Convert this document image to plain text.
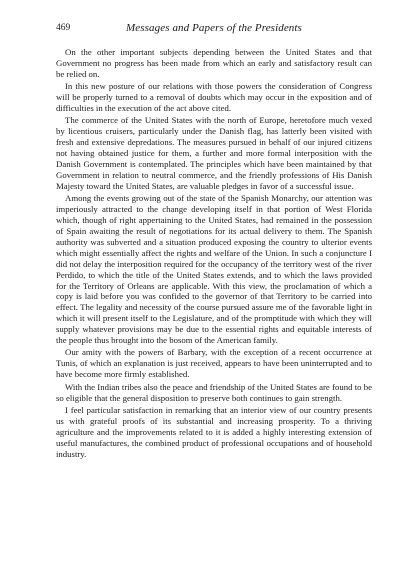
469	Messages and Papers of the Presidents

On the other important subjects depending between the United States and that Government no progress has been made from which an early and satisfactory result can be relied on.

In this new posture of our relations with those powers the consideration of Congress will be properly turned to a removal of doubts which may occur in the exposition and of difficulties in the execution of the act above cited.

The commerce of the United States with the north of Europe, heretofore much vexed by licentious cruisers, particularly under the Danish flag, has latterly been visited with fresh and extensive depredations. The measures pursued in behalf of our injured citizens not having obtained justice for them, a further and more formal interposition with the Danish Government is contemplated. The principles which have been maintained by that Government in relation to neutral commerce, and the friendly professions of His Danish Majesty toward the United States, are valuable pledges in favor of a successful issue.

Among the events growing out of the state of the Spanish Monarchy, our attention was imperiously attracted to the change developing itself in that portion of West Florida which, though of right appertaining to the United States, had remained in the possession of Spain awaiting the result of negotiations for its actual delivery to them. The Spanish authority was subverted and a situation produced exposing the country to ulterior events which might essentially affect the rights and welfare of the Union. In such a conjuncture I did not delay the interposition required for the occupancy of the territory west of the river Perdido, to which the title of the United States extends, and to which the laws provided for the Territory of Orleans are applicable. With this view, the proclamation of which a copy is laid before you was confided to the governor of that Territory to be carried into effect. The legality and necessity of the course pursued assure me of the favorable light in which it will present itself to the Legislature, and of the promptitude with which they will supply whatever provisions may be due to the essential rights and equitable interests of the people thus brought into the bosom of the American family.

Our amity with the powers of Barbary, with the exception of a recent occurrence at Tunis, of which an explanation is just received, appears to have been uninterrupted and to have become more firmly established.

With the Indian tribes also the peace and friendship of the United States are found to be so eligible that the general disposition to preserve both continues to gain strength.

I feel particular satisfaction in remarking that an interior view of our country presents us with grateful proofs of its substantial and increasing prosperity. To a thriving agriculture and the improvements related to it is added a highly interesting extension of useful manufactures, the combined product of professional occupations and of household industry.
